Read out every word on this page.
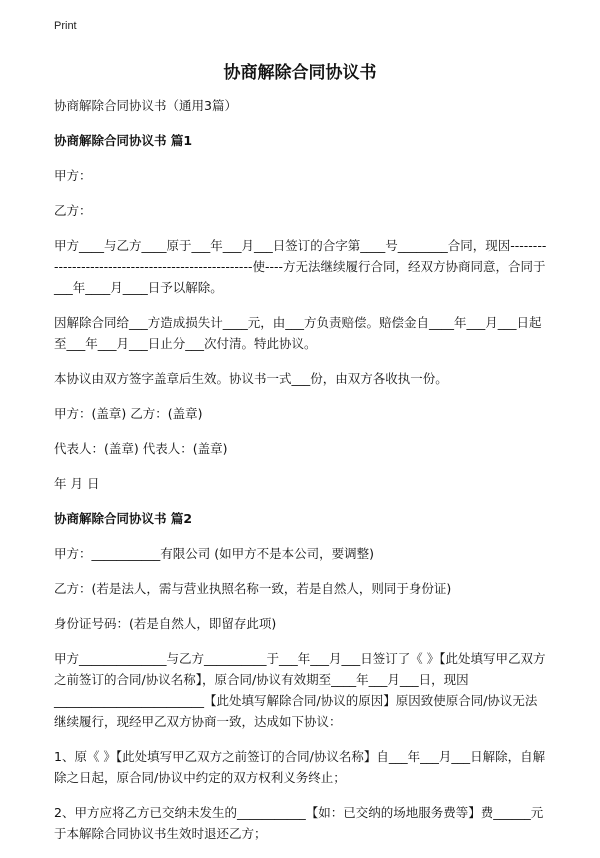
Print
协商解除合同协议书

协商解除合同协议书（通用3篇）

协商解除合同协议书 篇1

甲方：

乙方：

甲方____与乙方____原于___年___月___日签订的合字第____号________合同，现因----------------------------------------------------使----方无法继续履行合同，经双方协商同意，合同于___年____月____日予以解除。

因解除合同给___方造成损失计____元，由___方负责赔偿。赔偿金自____年___月___日起至___年___月___日止分___次付清。特此协议。

本协议由双方签字盖章后生效。协议书一式___份，由双方各收执一份。

甲方：(盖章) 乙方：(盖章)

代表人：(盖章) 代表人：(盖章)

年 月 日

协商解除合同协议书 篇2

甲方：___________有限公司 (如甲方不是本公司，要调整)

乙方：(若是法人，需与营业执照名称一致，若是自然人，则同于身份证)

身份证号码：(若是自然人，即留存此项)

甲方______________与乙方__________于___年___月___日签订了《 》【此处填写甲乙双方之前签订的合同/协议名称】，原合同/协议有效期至____年___月___日，现因________________________【此处填写解除合同/协议的原因】原因致使原合同/协议无法继续履行，现经甲乙双方协商一致，达成如下协议：

1、原《 》【此处填写甲乙双方之前签订的合同/协议名称】自___年___月___日解除，自解除之日起，原合同/协议中约定的双方权利义务终止；

2、甲方应将乙方已交纳未发生的___________【如：已交纳的场地服务费等】费______元于本解除合同协议书生效时退还乙方；
